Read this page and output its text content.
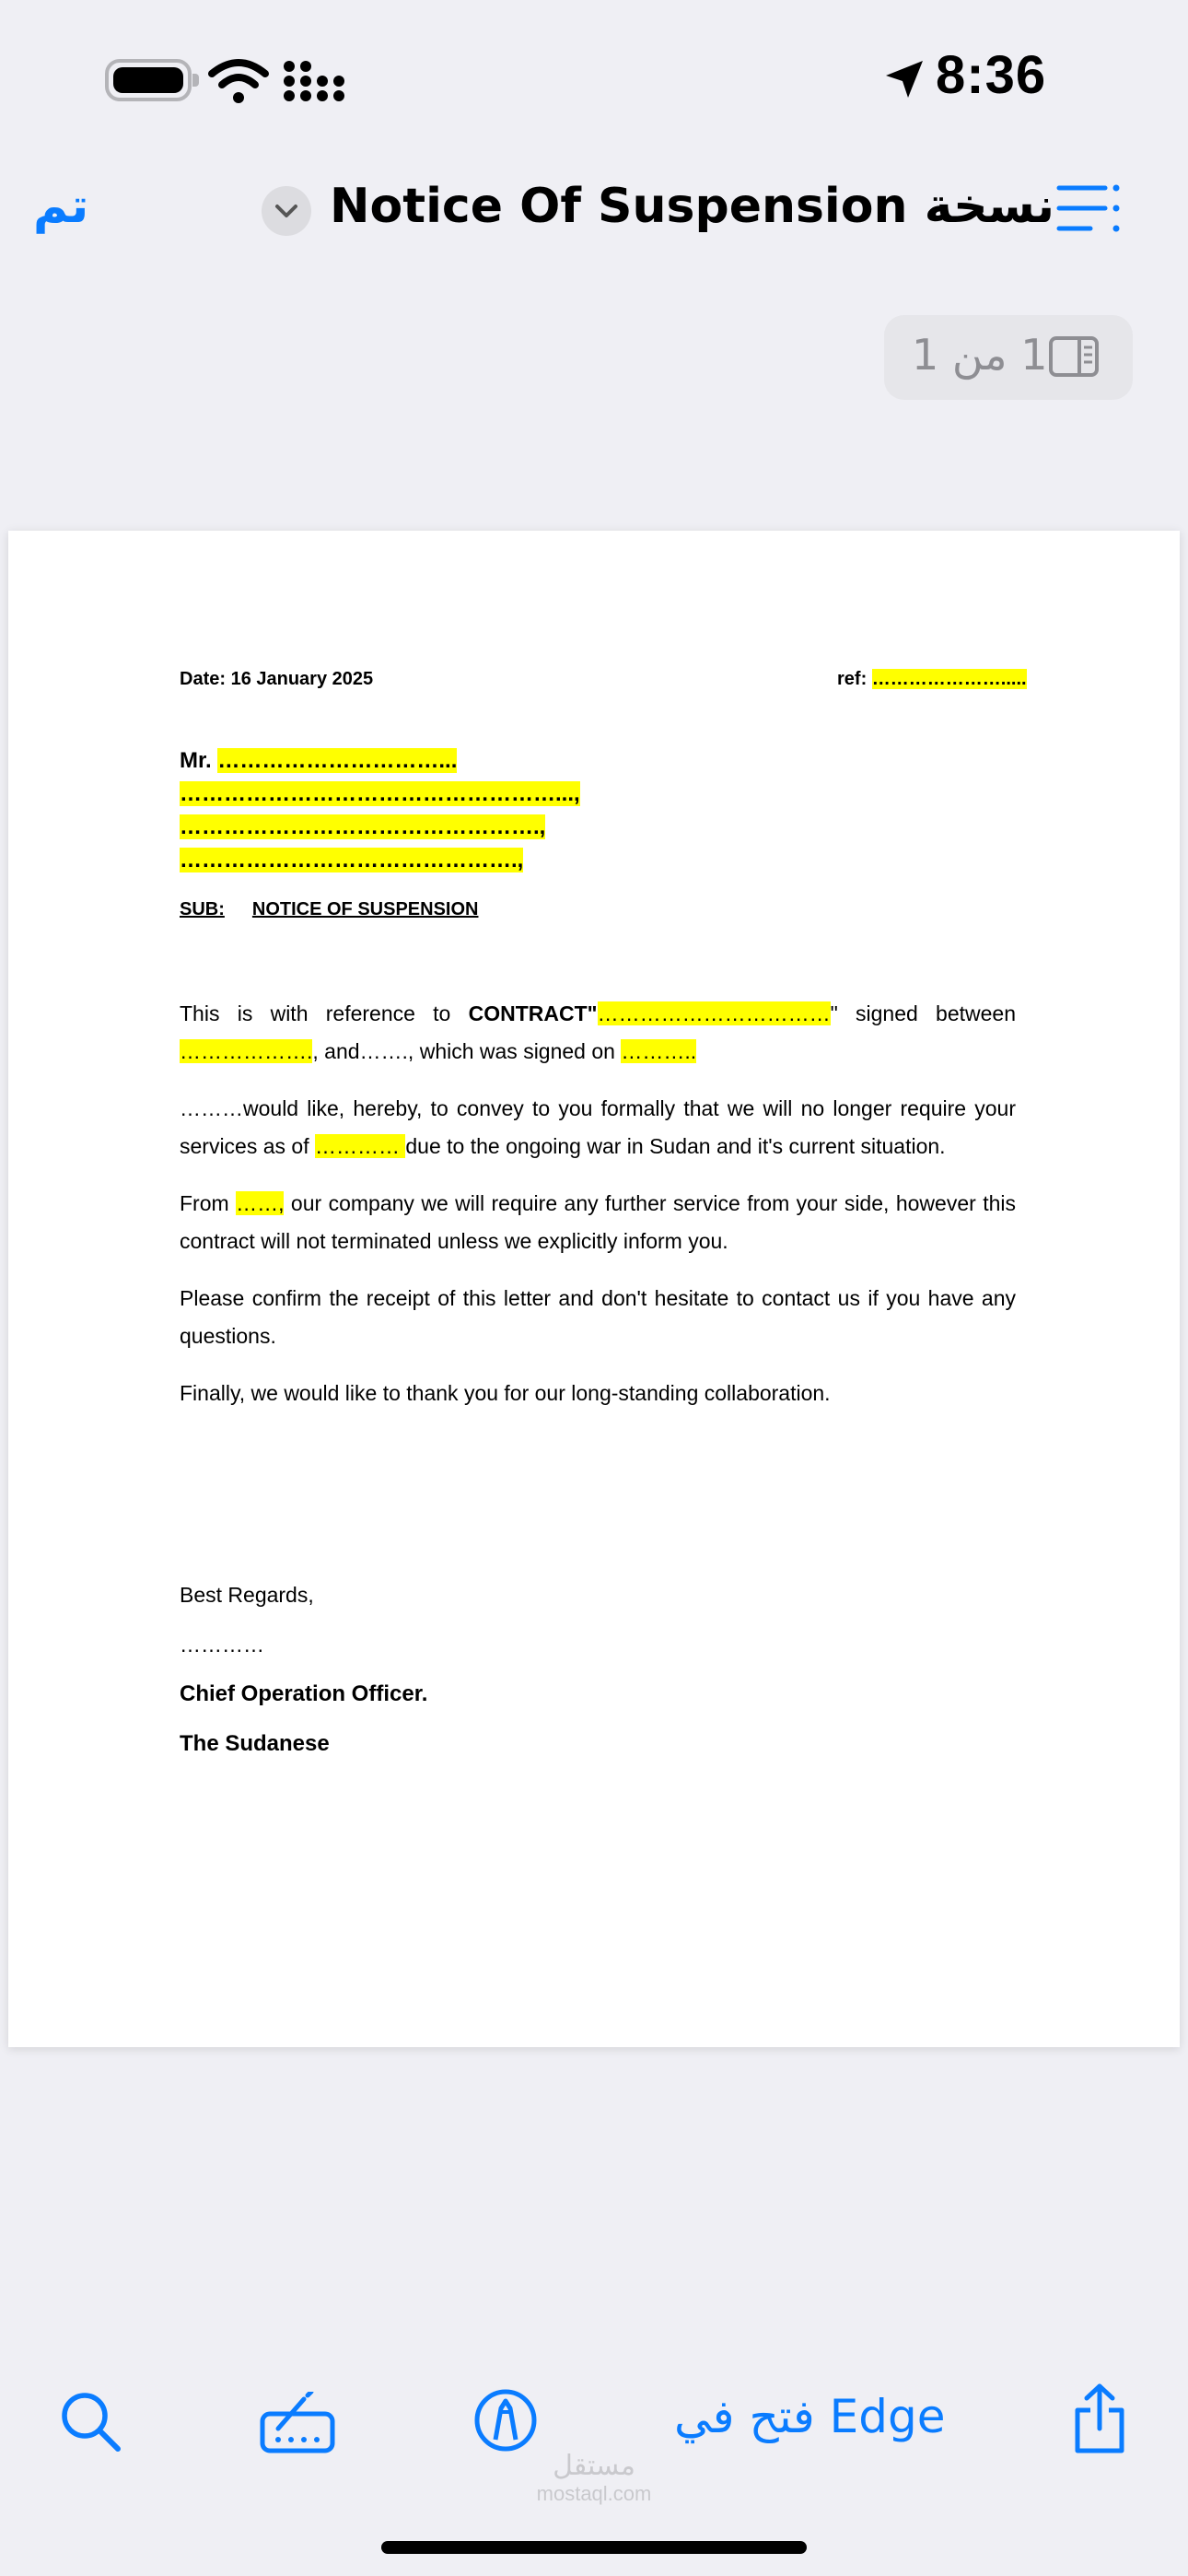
8:36
تم	Notice Of Suspension نسخة
1 من 1
Date: 16 January 2025	ref: ………………….....
Mr. …………………………...
……………………………………………...,
………………………………………….,
……………………………………….,
SUB: NOTICE OF SUSPENSION

This is with reference to CONTRACT"……………………………" signed between ………………., and……., which was signed on ………..

………would like, hereby, to convey to you formally that we will no longer require your services as of ………… due to the ongoing war in Sudan and it's current situation.

From ……, our company we will require any further service from your side, however this contract will not terminated unless we explicitly inform you.

Please confirm the receipt of this letter and don't hesitate to contact us if you have any questions.

Finally, we would like to thank you for our long-standing collaboration.

Best Regards,
…………
Chief Operation Officer.
The Sudanese
فتح في Edge
مستقل
mostaql.com
